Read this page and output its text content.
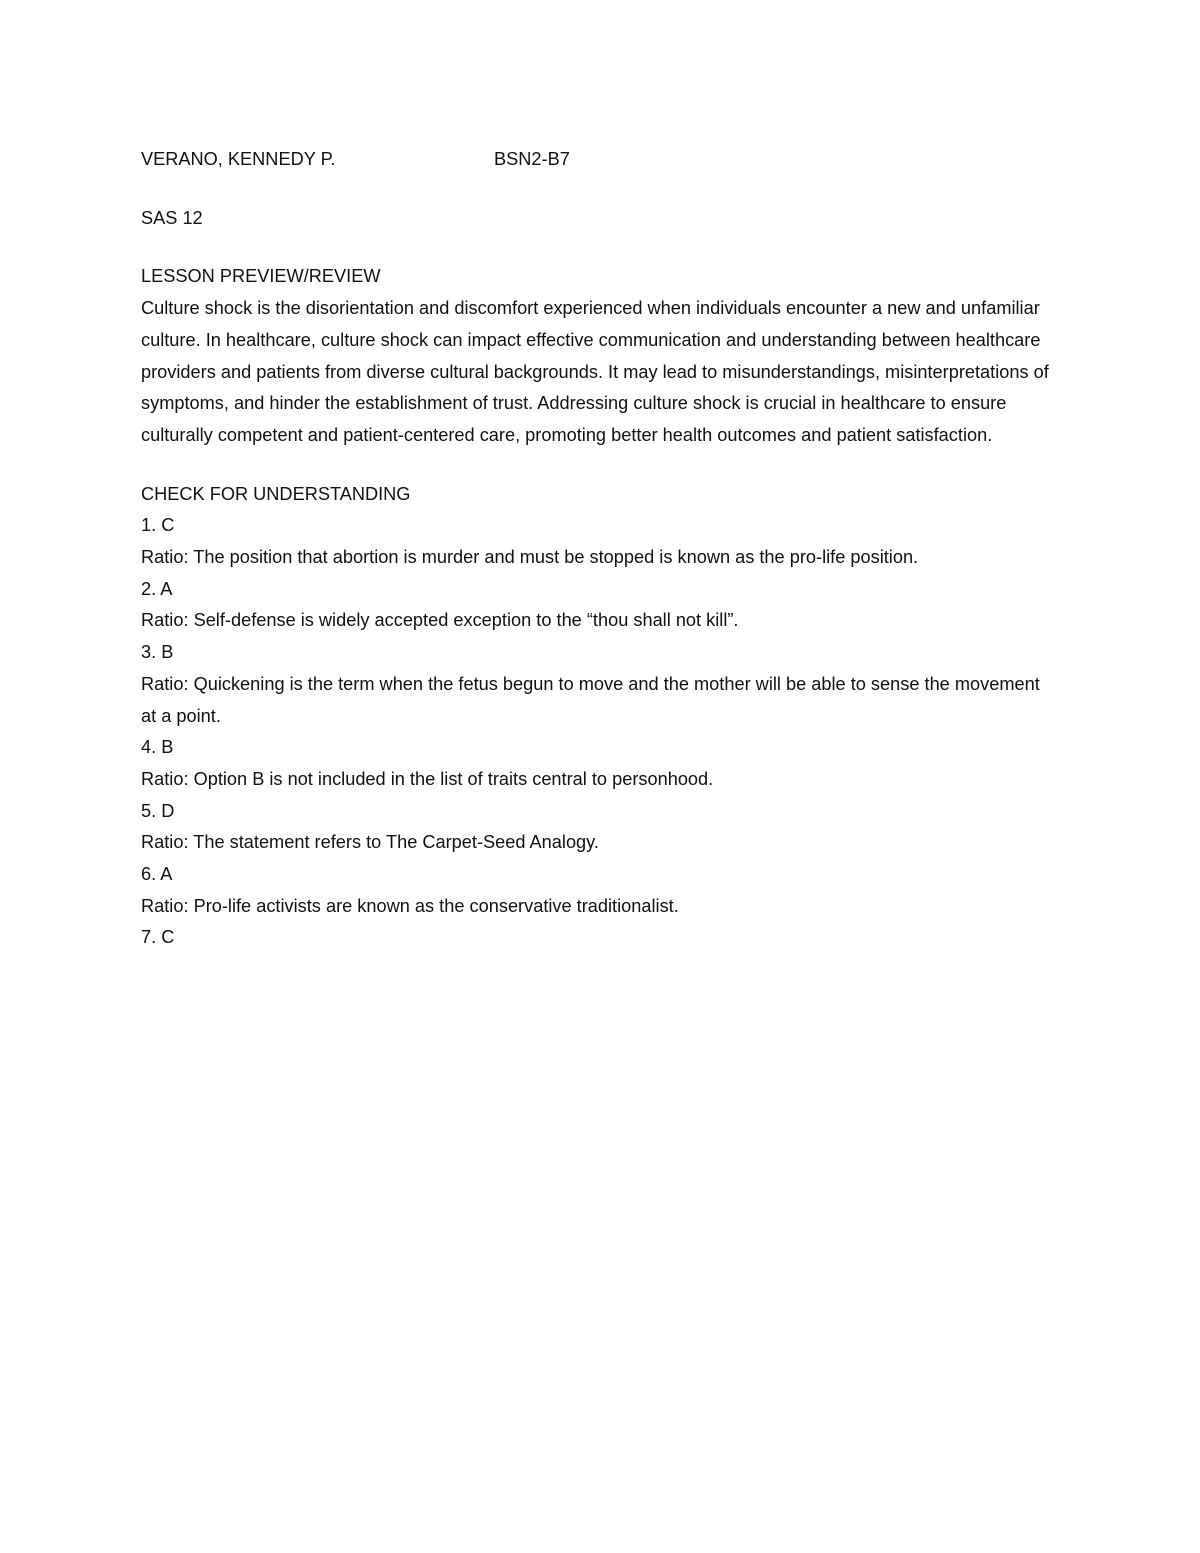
VERANO, KENNEDY P.	BSN2-B7

SAS 12

LESSON PREVIEW/REVIEW

Culture shock is the disorientation and discomfort experienced when individuals encounter a new and unfamiliar culture. In healthcare, culture shock can impact effective communication and understanding between healthcare providers and patients from diverse cultural backgrounds. It may lead to misunderstandings, misinterpretations of symptoms, and hinder the establishment of trust. Addressing culture shock is crucial in healthcare to ensure culturally competent and patient-centered care, promoting better health outcomes and patient satisfaction.

CHECK FOR UNDERSTANDING

1. C

Ratio: The position that abortion is murder and must be stopped is known as the pro-life position.

2. A

Ratio: Self-defense is widely accepted exception to the “thou shall not kill”.

3. B

Ratio: Quickening is the term when the fetus begun to move and the mother will be able to sense the movement at a point.

4. B

Ratio: Option B is not included in the list of traits central to personhood.

5. D

Ratio: The statement refers to The Carpet-Seed Analogy.

6. A

Ratio: Pro-life activists are known as the conservative traditionalist.

7. C
